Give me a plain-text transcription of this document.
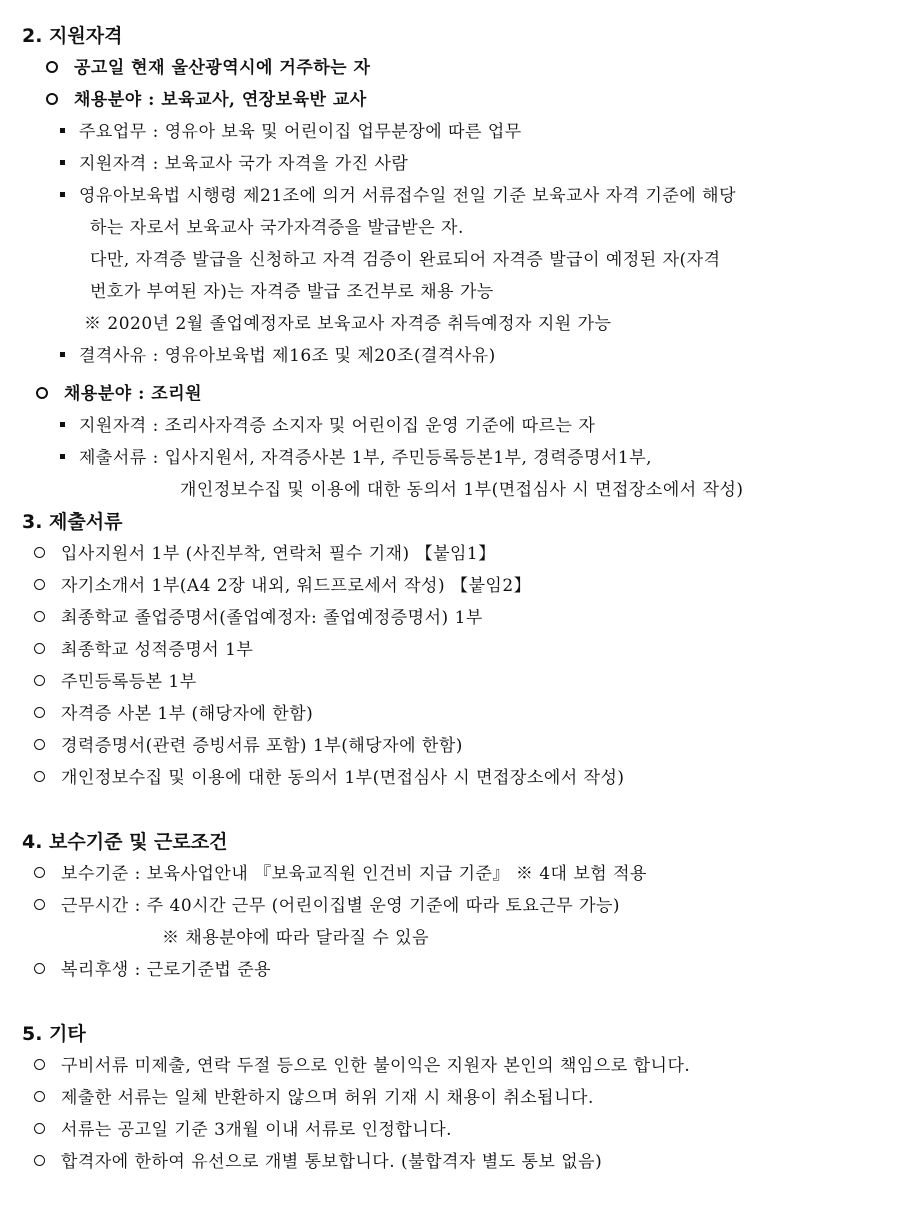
2. 지원자격
공고일 현재 울산광역시에 거주하는 자
채용분야 : 보육교사, 연장보육반 교사
주요업무 : 영유아 보육 및 어린이집 업무분장에 따른 업무
지원자격 : 보육교사 국가 자격을 가진 사람
영유아보육법 시행령 제21조에 의거 서류접수일 전일 기준 보육교사 자격 기준에 해당
하는 자로서 보육교사 국가자격증을 발급받은 자.
다만, 자격증 발급을 신청하고 자격 검증이 완료되어 자격증 발급이 예정된 자(자격
번호가 부여된 자)는 자격증 발급 조건부로 채용 가능
※ 2020년 2월 졸업예정자로 보육교사 자격증 취득예정자 지원 가능
결격사유 : 영유아보육법 제16조 및 제20조(결격사유)
채용분야 : 조리원
지원자격 : 조리사자격증 소지자 및 어린이집 운영 기준에 따르는 자
제출서류 : 입사지원서, 자격증사본 1부, 주민등록등본1부, 경력증명서1부,
개인정보수집 및 이용에 대한 동의서 1부(면접심사 시 면접장소에서 작성)
3. 제출서류
입사지원서 1부 (사진부착, 연락처 필수 기재) 【붙임1】
자기소개서 1부(A4 2장 내외, 워드프로세서 작성) 【붙임2】
최종학교 졸업증명서(졸업예정자: 졸업예정증명서) 1부
최종학교 성적증명서 1부
주민등록등본 1부
자격증 사본 1부 (해당자에 한함)
경력증명서(관련 증빙서류 포함) 1부(해당자에 한함)
개인정보수집 및 이용에 대한 동의서 1부(면접심사 시 면접장소에서 작성)
4. 보수기준 및 근로조건
보수기준 : 보육사업안내 『보육교직원 인건비 지급 기준』 ※ 4대 보험 적용
근무시간 : 주 40시간 근무 (어린이집별 운영 기준에 따라 토요근무 가능)
※ 채용분야에 따라 달라질 수 있음
복리후생 : 근로기준법 준용
5. 기타
구비서류 미제출, 연락 두절 등으로 인한 불이익은 지원자 본인의 책임으로 합니다.
제출한 서류는 일체 반환하지 않으며 허위 기재 시 채용이 취소됩니다.
서류는 공고일 기준 3개월 이내 서류로 인정합니다.
합격자에 한하여 유선으로 개별 통보합니다. (불합격자 별도 통보 없음)
